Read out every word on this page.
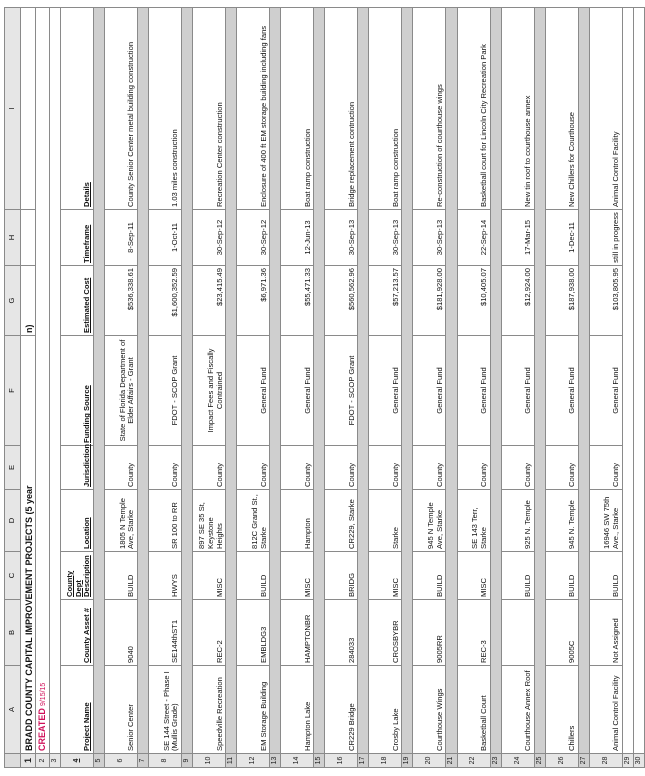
	A	B	C	D	E	F	G	H	I
1	BRADD COUNTY CAPITAL IMPROVEMENT PROJECTS (5 year						n)		
2	CREATED 9/15/15								
3									
4	Project Name	County Asset #	County Dept Description	Location	Jurisdiction	Funding Source	Estimated Cost	Timeframe	Details
5									
6	Senior Center	9040	BUILD	1805 N Temple Ave, Starke	County	State of Florida Department of Elder Affairs - Grant	$536,338.61	8-Sep-11	County Senior Center metal building construction
7									
8	SE 144 Street - Phase I (Mullis Grade)	SE144thST1	HWYS	SR 100 to RR	County	FDOT - SCOP Grant	$1,600,352.59	1-Oct-11	1.03 miles construction
9									
10	Speedville Recreation	REC-2	MISC	897 SE 35 St, Keystone Heights	County	Impact Fees and Fiscally Contrained	$23,415.49	30-Sep-12	Recreation Center construction
11									
12	EM Storage Building	EMBLDG3	BUILD	812C Grand St., Starke	County	General Fund	$6,971.36	30-Sep-12	Enclosure of 400 ft EM storage building including fans
13									
14	Hampton Lake	HAMPTONBR	MISC	Hampton	County	General Fund	$55,471.33	12-Jun-13	Boat ramp construction
15									
16	CR229 Bridge	284033	BRIDG	CR229, Starke	County	FDOT - SCOP Grant	$560,562.96	30-Sep-13	Bridge replacement contruction
17									
18	Crosby Lake	CROSBYBR	MISC	Starke	County	General Fund	$57,213.57	30-Sep-13	Boat ramp construction
19									
20	Courthouse Wings	9005RR	BUILD	945 N Temple Ave, Starke	County	General Fund	$181,928.00	30-Sep-13	Re-construction of courthouse wings
21									
22	Basketball Court	REC-3	MISC	SE 143 Terr, Starke	County	General Fund	$10,405.07	22-Sep-14	Basketball court for Lincoln City Recreation Park
23									
24	Courthouse Annex Roof		BUILD	925 N. Temple	County	General Fund	$12,924.00	17-Mar-15	New tin roof to courthouse annex
25									
26	Chillers	9005C	BUILD	945 N. Temple	County	General Fund	$187,938.00	1-Dec-11	New Chillers for Courthouse
27									
28	Animal Control Facility	Not Assigned	BUILD	16946 SW 75th Ave., Starke	County	General Fund	$103,805.95	still in progress	Animal Control Facility
29									
30									
